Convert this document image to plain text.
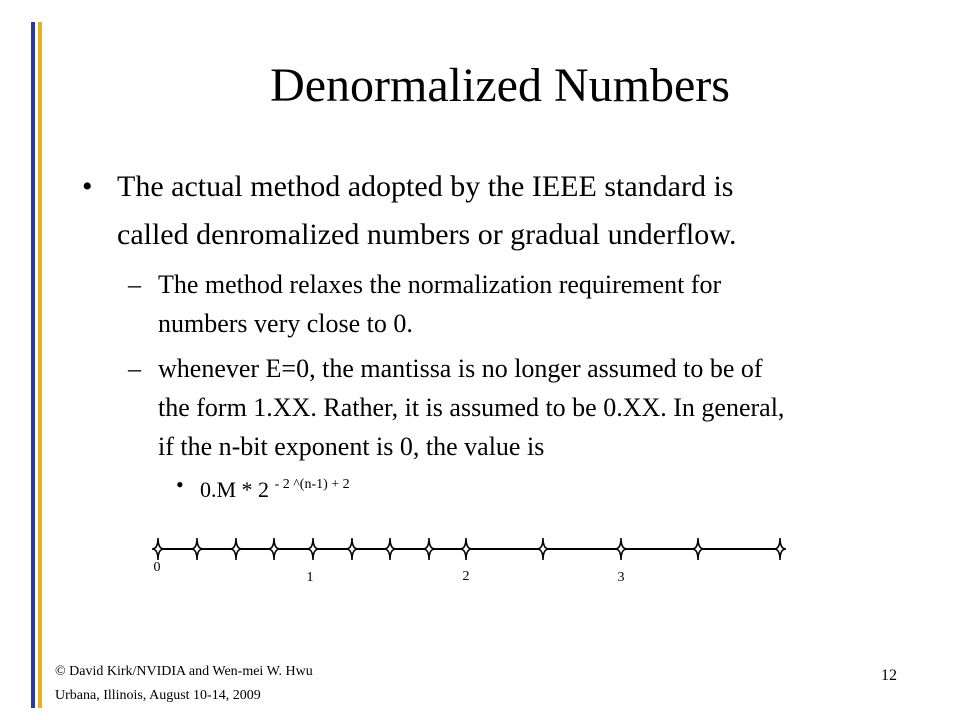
Denormalized Numbers
• The actual method adopted by the IEEE standard is
called denromalized numbers or gradual underflow.
– The method relaxes the normalization requirement for
numbers very close to 0.
– whenever E=0, the mantissa is no longer assumed to be of
the form 1.XX. Rather, it is assumed to be 0.XX. In general,
if the n-bit exponent is 0, the value is
• 0.M * 2 $^{- 2 \^{}(n-1) + 2}$
0
1	2	3
© David Kirk/NVIDIA and Wen-mei W. Hwu
Urbana, Illinois, August 10-14, 2009
12
